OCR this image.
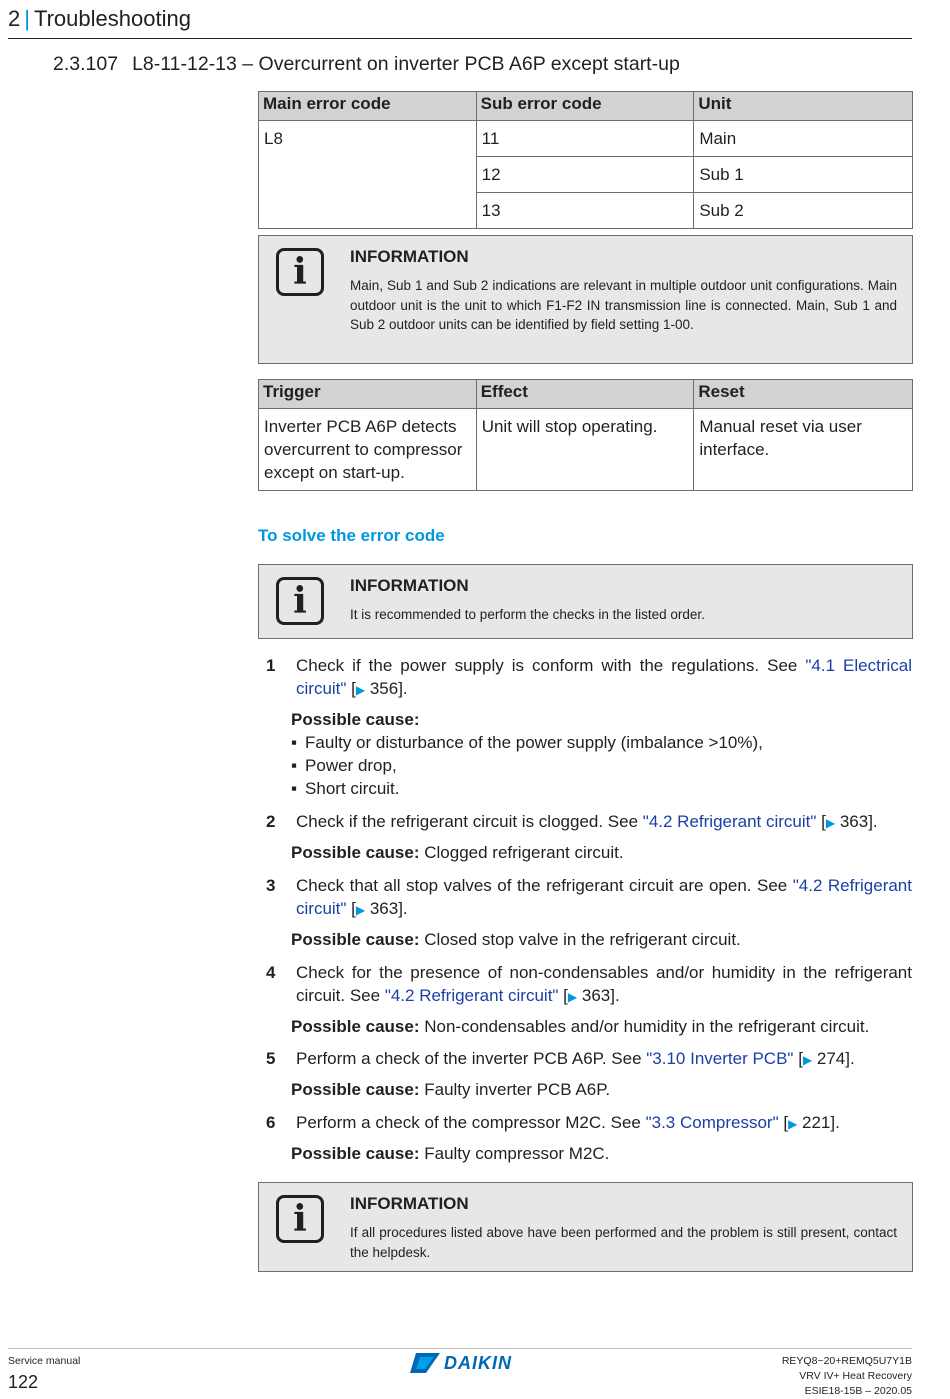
2 | Troubleshooting
2.3.107 L8-11-12-13 – Overcurrent on inverter PCB A6P except start-up
Main error code	Sub error code	Unit
L8	11	Main
	12	Sub 1
	13	Sub 2
i	INFORMATION
Main, Sub 1 and Sub 2 indications are relevant in multiple outdoor unit configurations. Main outdoor unit is the unit to which F1-F2 IN transmission line is connected. Main, Sub 1 and Sub 2 outdoor units can be identified by field setting 1-00.
Trigger	Effect	Reset
Inverter PCB A6P detects overcurrent to compressor except on start-up.	Unit will stop operating.	Manual reset via user interface.
To solve the error code
i	INFORMATION
It is recommended to perform the checks in the listed order.
1 Check if the power supply is conform with the regulations. See "4.1 Electrical circuit" [▶ 356].
Possible cause:
▪ Faulty or disturbance of the power supply (imbalance >10%),
▪ Power drop,
▪ Short circuit.
2 Check if the refrigerant circuit is clogged. See "4.2 Refrigerant circuit" [▶ 363].
Possible cause: Clogged refrigerant circuit.
3 Check that all stop valves of the refrigerant circuit are open. See "4.2 Refrigerant circuit" [▶ 363].
Possible cause: Closed stop valve in the refrigerant circuit.
4 Check for the presence of non-condensables and/or humidity in the refrigerant circuit. See "4.2 Refrigerant circuit" [▶ 363].
Possible cause: Non-condensables and/or humidity in the refrigerant circuit.
5 Perform a check of the inverter PCB A6P. See "3.10 Inverter PCB" [▶ 274].
Possible cause: Faulty inverter PCB A6P.
6 Perform a check of the compressor M2C. See "3.3 Compressor" [▶ 221].
Possible cause: Faulty compressor M2C.
i	INFORMATION
If all procedures listed above have been performed and the problem is still present, contact the helpdesk.
Service manual
122
DAIKIN	REYQ8~20+REMQ5U7Y1B
VRV IV+ Heat Recovery
ESIE18-15B – 2020.05
